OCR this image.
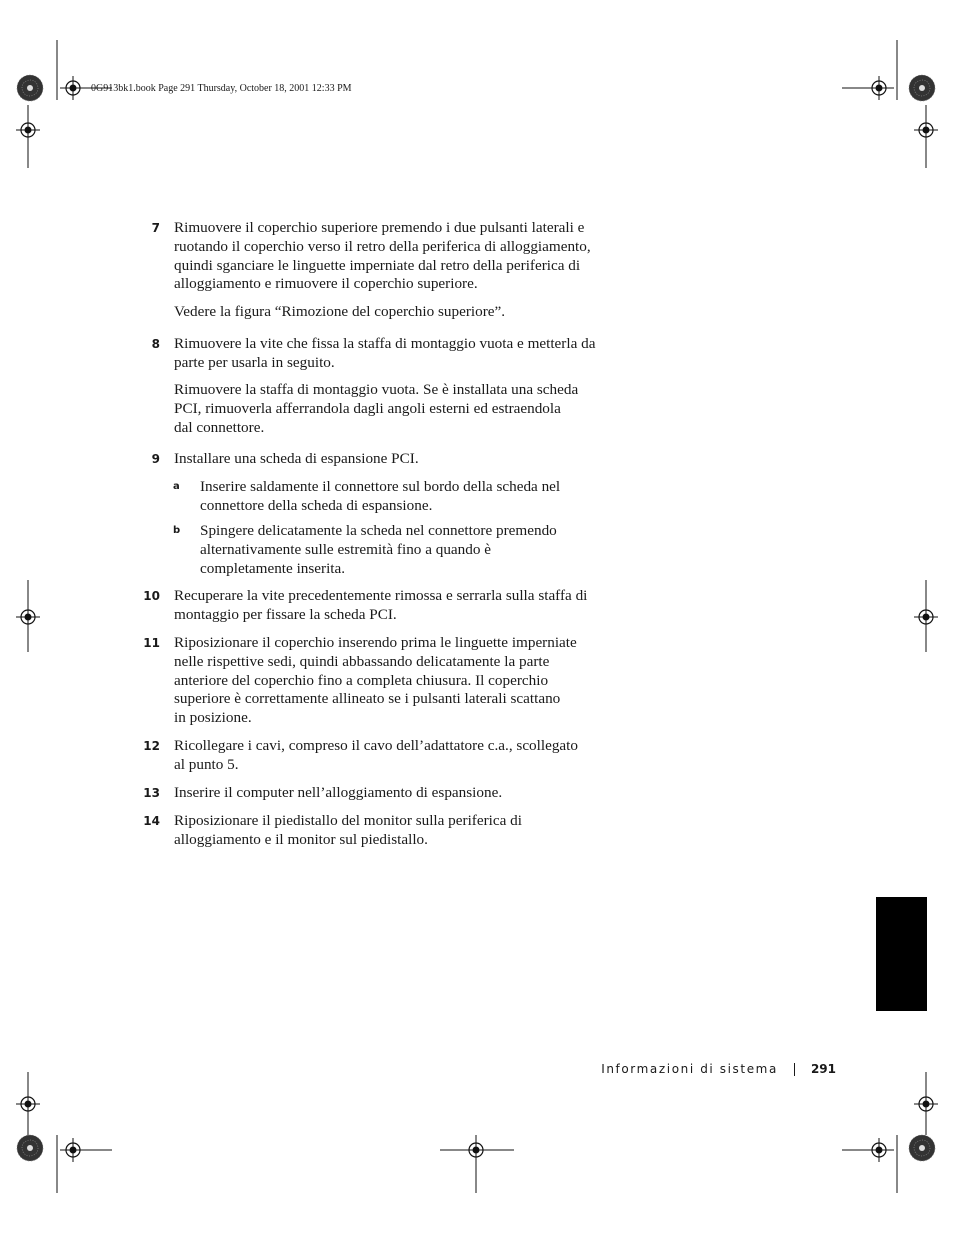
0G913bk1.book Page 291 Thursday, October 18, 2001 12:33 PM
7 Rimuovere il coperchio superiore premendo i due pulsanti laterali e
ruotando il coperchio verso il retro della periferica di alloggiamento,
quindi sganciare le linguette imperniate dal retro della periferica di
alloggiamento e rimuovere il coperchio superiore.
Vedere la figura “Rimozione del coperchio superiore”.
8 Rimuovere la vite che fissa la staffa di montaggio vuota e metterla da
parte per usarla in seguito.
Rimuovere la staffa di montaggio vuota. Se è installata una scheda
PCI, rimuoverla afferrandola dagli angoli esterni ed estraendola
dal connettore.
9 Installare una scheda di espansione PCI.
a	Inserire saldamente il connettore sul bordo della scheda nel
connettore della scheda di espansione.
b	Spingere delicatamente la scheda nel connettore premendo
alternativamente sulle estremità fino a quando è
completamente inserita.
10 Recuperare la vite precedentemente rimossa e serrarla sulla staffa di
montaggio per fissare la scheda PCI.
11 Riposizionare il coperchio inserendo prima le linguette imperniate
nelle rispettive sedi, quindi abbassando delicatamente la parte
anteriore del coperchio fino a completa chiusura. Il coperchio
superiore è correttamente allineato se i pulsanti laterali scattano
in posizione.
12 Ricollegare i cavi, compreso il cavo dell’adattatore c.a., scollegato
al punto 5.
13 Inserire il computer nell’alloggiamento di espansione.
14 Riposizionare il piedistallo del monitor sulla periferica di
alloggiamento e il monitor sul piedistallo.
Informazioni di sistema	291
